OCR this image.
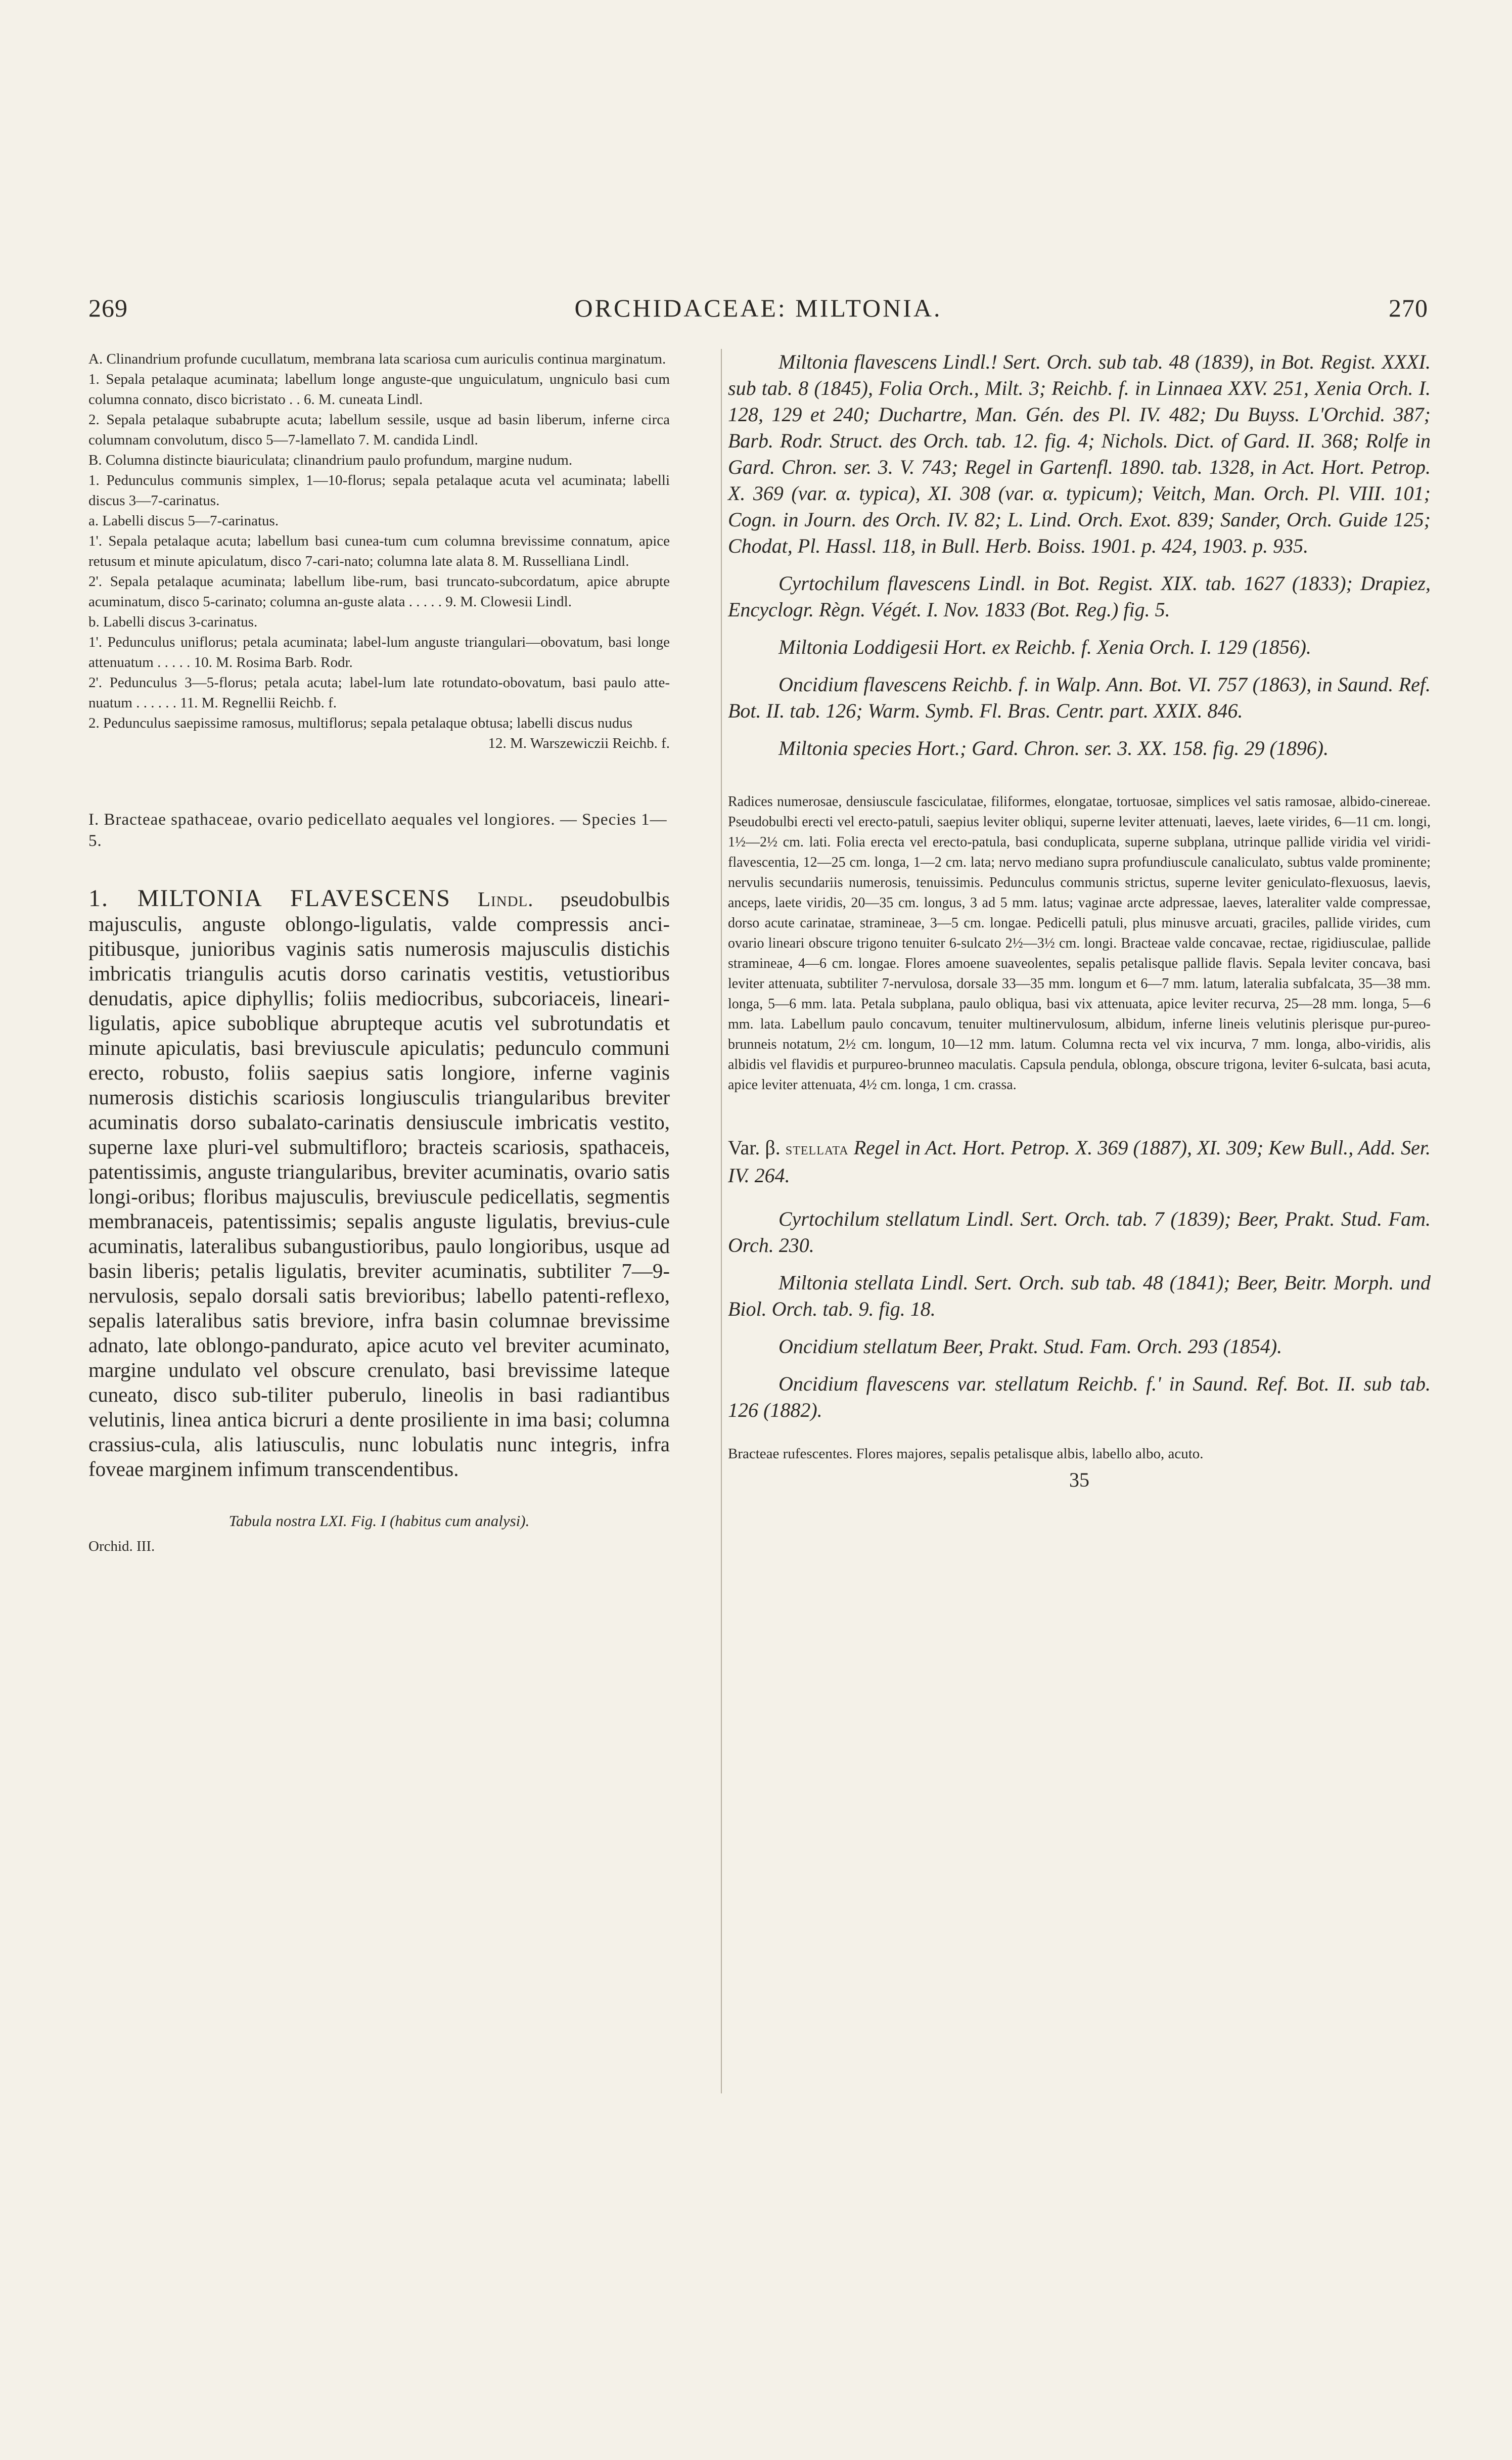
269	ORCHIDACEAE: MILTONIA.	270

A. Clinandrium profunde cucullatum, membrana lata scariosa cum auriculis continua marginatum.

1. Sepala petalaque acuminata; labellum longe anguste-que unguiculatum, ungniculo basi cum columna connato, disco bicristato . . 6. M. cuneata Lindl.

2. Sepala petalaque subabrupte acuta; labellum sessile, usque ad basin liberum, inferne circa columnam convolutum, disco 5—7-lamellato 7. M. candida Lindl.

B. Columna distincte biauriculata; clinandrium paulo profundum, margine nudum.

1. Pedunculus communis simplex, 1—10-florus; sepala petalaque acuta vel acuminata; labelli discus 3—7-carinatus.

a. Labelli discus 5—7-carinatus.

1'. Sepala petalaque acuta; labellum basi cunea-tum cum columna brevissime connatum, apice retusum et minute apiculatum, disco 7-cari-nato; columna late alata 8. M. Russelliana Lindl.

2'. Sepala petalaque acuminata; labellum libe-rum, basi truncato-subcordatum, apice abrupte acuminatum, disco 5-carinato; columna an-guste alata . . . . . 9. M. Clowesii Lindl.

b. Labelli discus 3-carinatus.

1'. Pedunculus uniflorus; petala acuminata; label-lum anguste triangulari—obovatum, basi longe attenuatum . . . . . 10. M. Rosima Barb. Rodr.

2'. Pedunculus 3—5-florus; petala acuta; label-lum late rotundato-obovatum, basi paulo atte-nuatum . . . . . . 11. M. Regnellii Reichb. f.

2. Pedunculus saepissime ramosus, multiflorus; sepala petalaque obtusa; labelli discus nudus

12. M. Warszewiczii Reichb. f.

I. Bracteae spathaceae, ovario pedicellato aequales vel longiores. — Species 1—5.
1. MILTONIA FLAVESCENS Lindl. pseudobulbis majusculis, anguste oblongo-ligulatis, valde compressis anci-pitibusque, junioribus vaginis satis numerosis majusculis distichis imbricatis triangulis acutis dorso carinatis vestitis, vetustioribus denudatis, apice diphyllis; foliis mediocribus, subcoriaceis, lineari-ligulatis, apice suboblique abrupteque acutis vel subrotundatis et minute apiculatis, basi breviuscule apiculatis; pedunculo communi erecto, robusto, foliis saepius satis longiore, inferne vaginis numerosis distichis scariosis longiusculis triangularibus breviter acuminatis dorso subalato-carinatis densiuscule imbricatis vestito, superne laxe pluri-vel submultifloro; bracteis scariosis, spathaceis, patentissimis, anguste triangularibus, breviter acuminatis, ovario satis longi-oribus; floribus majusculis, breviuscule pedicellatis, segmentis membranaceis, patentissimis; sepalis anguste ligulatis, brevius-cule acuminatis, lateralibus subangustioribus, paulo longioribus, usque ad basin liberis; petalis ligulatis, breviter acuminatis, subtiliter 7—9-nervulosis, sepalo dorsali satis brevioribus; labello patenti-reflexo, sepalis lateralibus satis breviore, infra basin columnae brevissime adnato, late oblongo-pandurato, apice acuto vel breviter acuminato, margine undulato vel obscure crenulato, basi brevissime lateque cuneato, disco sub-tiliter puberulo, lineolis in basi radiantibus velutinis, linea antica bicruri a dente prosiliente in ima basi; columna crassius-cula, alis latiusculis, nunc lobulatis nunc integris, infra foveae marginem infimum transcendentibus.
Tabula nostra LXI. Fig. I (habitus cum analysi).
Orchid. III.

Miltonia flavescens Lindl.! Sert. Orch. sub tab. 48 (1839), in Bot. Regist. XXXI. sub tab. 8 (1845), Folia Orch., Milt. 3; Reichb. f. in Linnaea XXV. 251, Xenia Orch. I. 128, 129 et 240; Duchartre, Man. Gén. des Pl. IV. 482; Du Buyss. L'Orchid. 387; Barb. Rodr. Struct. des Orch. tab. 12. fig. 4; Nichols. Dict. of Gard. II. 368; Rolfe in Gard. Chron. ser. 3. V. 743; Regel in Gartenfl. 1890. tab. 1328, in Act. Hort. Petrop. X. 369 (var. α. typica), XI. 308 (var. α. typicum); Veitch, Man. Orch. Pl. VIII. 101; Cogn. in Journ. des Orch. IV. 82; L. Lind. Orch. Exot. 839; Sander, Orch. Guide 125; Chodat, Pl. Hassl. 118, in Bull. Herb. Boiss. 1901. p. 424, 1903. p. 935.

Cyrtochilum flavescens Lindl. in Bot. Regist. XIX. tab. 1627 (1833); Drapiez, Encyclogr. Règn. Végét. I. Nov. 1833 (Bot. Reg.) fig. 5.

Miltonia Loddigesii Hort. ex Reichb. f. Xenia Orch. I. 129 (1856).

Oncidium flavescens Reichb. f. in Walp. Ann. Bot. VI. 757 (1863), in Saund. Ref. Bot. II. tab. 126; Warm. Symb. Fl. Bras. Centr. part. XXIX. 846.

Miltonia species Hort.; Gard. Chron. ser. 3. XX. 158. fig. 29 (1896).

Radices numerosae, densiuscule fasciculatae, filiformes, elongatae, tortuosae, simplices vel satis ramosae, albido-cinereae. Pseudobulbi erecti vel erecto-patuli, saepius leviter obliqui, superne leviter attenuati, laeves, laete virides, 6—11 cm. longi, 1½—2½ cm. lati. Folia erecta vel erecto-patula, basi conduplicata, superne subplana, utrinque pallide viridia vel viridi-flavescentia, 12—25 cm. longa, 1—2 cm. lata; nervo mediano supra profundiuscule canaliculato, subtus valde prominente; nervulis secundariis numerosis, tenuissimis. Pedunculus communis strictus, superne leviter geniculato-flexuosus, laevis, anceps, laete viridis, 20—35 cm. longus, 3 ad 5 mm. latus; vaginae arcte adpressae, laeves, lateraliter valde compressae, dorso acute carinatae, stramineae, 3—5 cm. longae. Pedicelli patuli, plus minusve arcuati, graciles, pallide virides, cum ovario lineari obscure trigono tenuiter 6-sulcato 2½—3½ cm. longi. Bracteae valde concavae, rectae, rigidiusculae, pallide stramineae, 4—6 cm. longae. Flores amoene suaveolentes, sepalis petalisque pallide flavis. Sepala leviter concava, basi leviter attenuata, subtiliter 7-nervulosa, dorsale 33—35 mm. longum et 6—7 mm. latum, lateralia subfalcata, 35—38 mm. longa, 5—6 mm. lata. Petala subplana, paulo obliqua, basi vix attenuata, apice leviter recurva, 25—28 mm. longa, 5—6 mm. lata. Labellum paulo concavum, tenuiter multinervulosum, albidum, inferne lineis velutinis plerisque pur-pureo-brunneis notatum, 2½ cm. longum, 10—12 mm. latum. Columna recta vel vix incurva, 7 mm. longa, albo-viridis, alis albidis vel flavidis et purpureo-brunneo maculatis. Capsula pendula, oblonga, obscure trigona, leviter 6-sulcata, basi acuta, apice leviter attenuata, 4½ cm. longa, 1 cm. crassa.
Var. β. stellata Regel in Act. Hort. Petrop. X. 369 (1887), XI. 309; Kew Bull., Add. Ser. IV. 264.

Cyrtochilum stellatum Lindl. Sert. Orch. tab. 7 (1839); Beer, Prakt. Stud. Fam. Orch. 230.

Miltonia stellata Lindl. Sert. Orch. sub tab. 48 (1841); Beer, Beitr. Morph. und Biol. Orch. tab. 9. fig. 18.

Oncidium stellatum Beer, Prakt. Stud. Fam. Orch. 293 (1854).

Oncidium flavescens var. stellatum Reichb. f.' in Saund. Ref. Bot. II. sub tab. 126 (1882).

Bracteae rufescentes. Flores majores, sepalis petalisque albis, labello albo, acuto.
35
